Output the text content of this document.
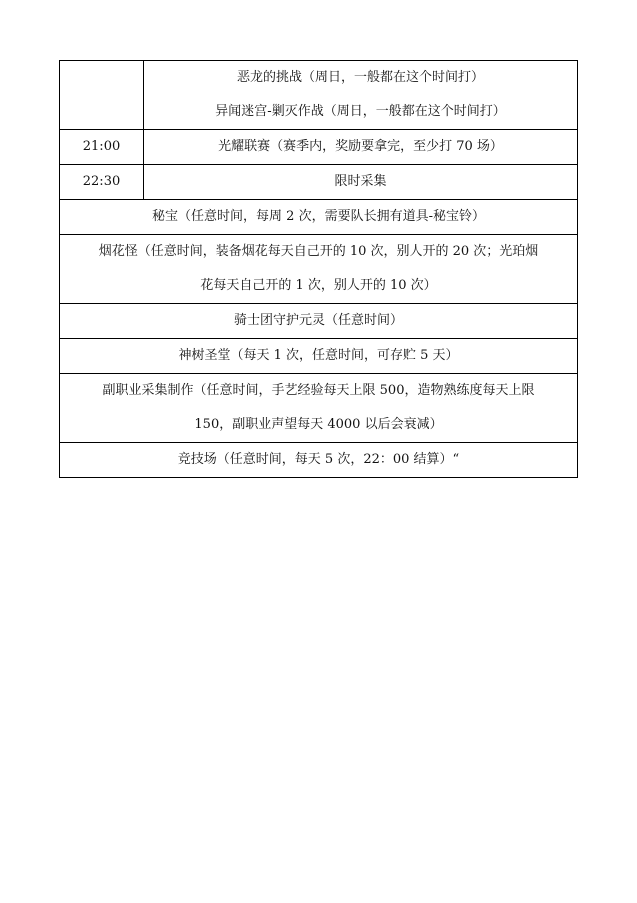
	恶龙的挑战（周日，一般都在这个时间打）
异闻迷宫-剿灭作战（周日，一般都在这个时间打）

21:00	光耀联赛（赛季内，奖励要拿完，至少打 70 场）
22:30	限时采集
秘宝（任意时间，每周 2 次，需要队长拥有道具-秘宝铃）	

烟花怪（任意时间，装备烟花每天自己开的 10 次，别人开的 20 次；光珀烟
花每天自己开的 1 次，别人开的 10 次）	

骑士团守护元灵（任意时间）	
神树圣堂（每天 1 次，任意时间，可存贮 5 天）	

副职业采集制作（任意时间，手艺经验每天上限 500，造物熟练度每天上限
150，副职业声望每天 4000 以后会衰减）	

竞技场（任意时间，每天 5 次，22：00 结算）“	
